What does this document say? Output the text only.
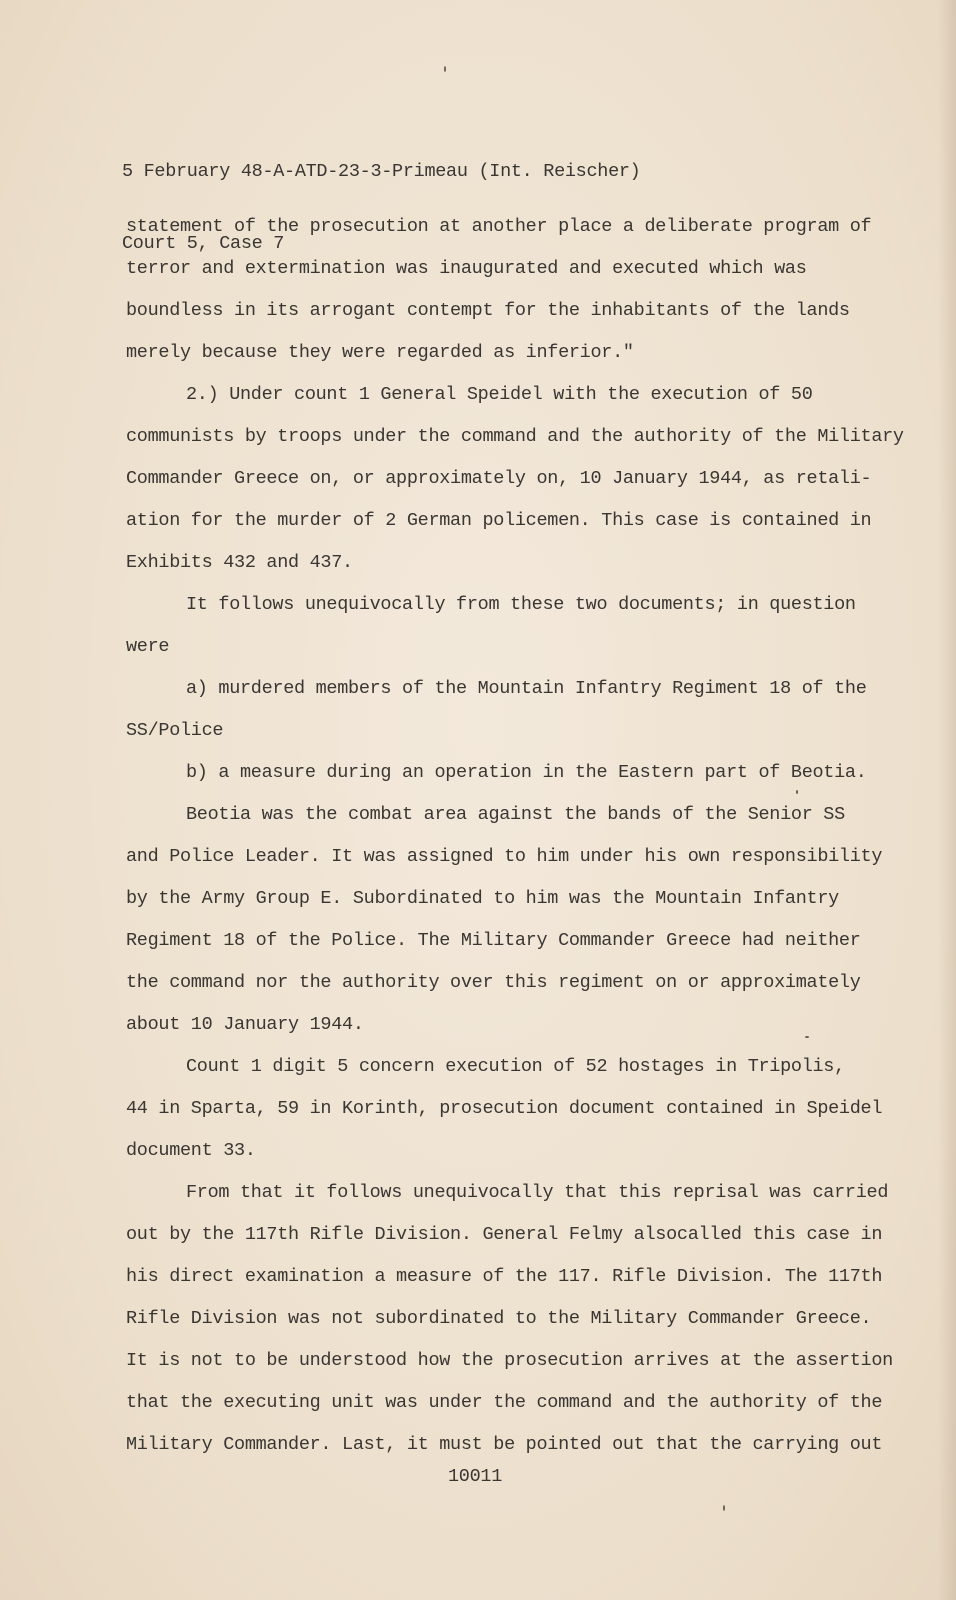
5 February 48-A-ATD-23-3-Primeau (Int. Reischer)

Court 5, Case 7

statement of the prosecution at another place a deliberate program of
terror and extermination was inaugurated and executed which was
boundless in its arrogant contempt for the inhabitants of the lands
merely because they were regarded as inferior."
2.) Under count 1 General Speidel with the execution of 50
communists by troops under the command and the authority of the Military
Commander Greece on, or approximately on, 10 January 1944, as retali-
ation for the murder of 2 German policemen. This case is contained in
Exhibits 432 and 437.
It follows unequivocally from these two documents; in question
were
a) murdered members of the Mountain Infantry Regiment 18 of the
SS/Police
b) a measure during an operation in the Eastern part of Beotia.
Beotia was the combat area against the bands of the Senior SS
and Police Leader. It was assigned to him under his own responsibility
by the Army Group E. Subordinated to him was the Mountain Infantry
Regiment 18 of the Police. The Military Commander Greece had neither
the command nor the authority over this regiment on or approximately
about 10 January 1944.
Count 1 digit 5 concern execution of 52 hostages in Tripolis,
44 in Sparta, 59 in Korinth, prosecution document contained in Speidel
document 33.
From that it follows unequivocally that this reprisal was carried
out by the 117th Rifle Division. General Felmy alsocalled this case in
his direct examination a measure of the 117. Rifle Division. The 117th
Rifle Division was not subordinated to the Military Commander Greece.
It is not to be understood how the prosecution arrives at the assertion
that the executing unit was under the command and the authority of the
Military Commander. Last, it must be pointed out that the carrying out
10011
